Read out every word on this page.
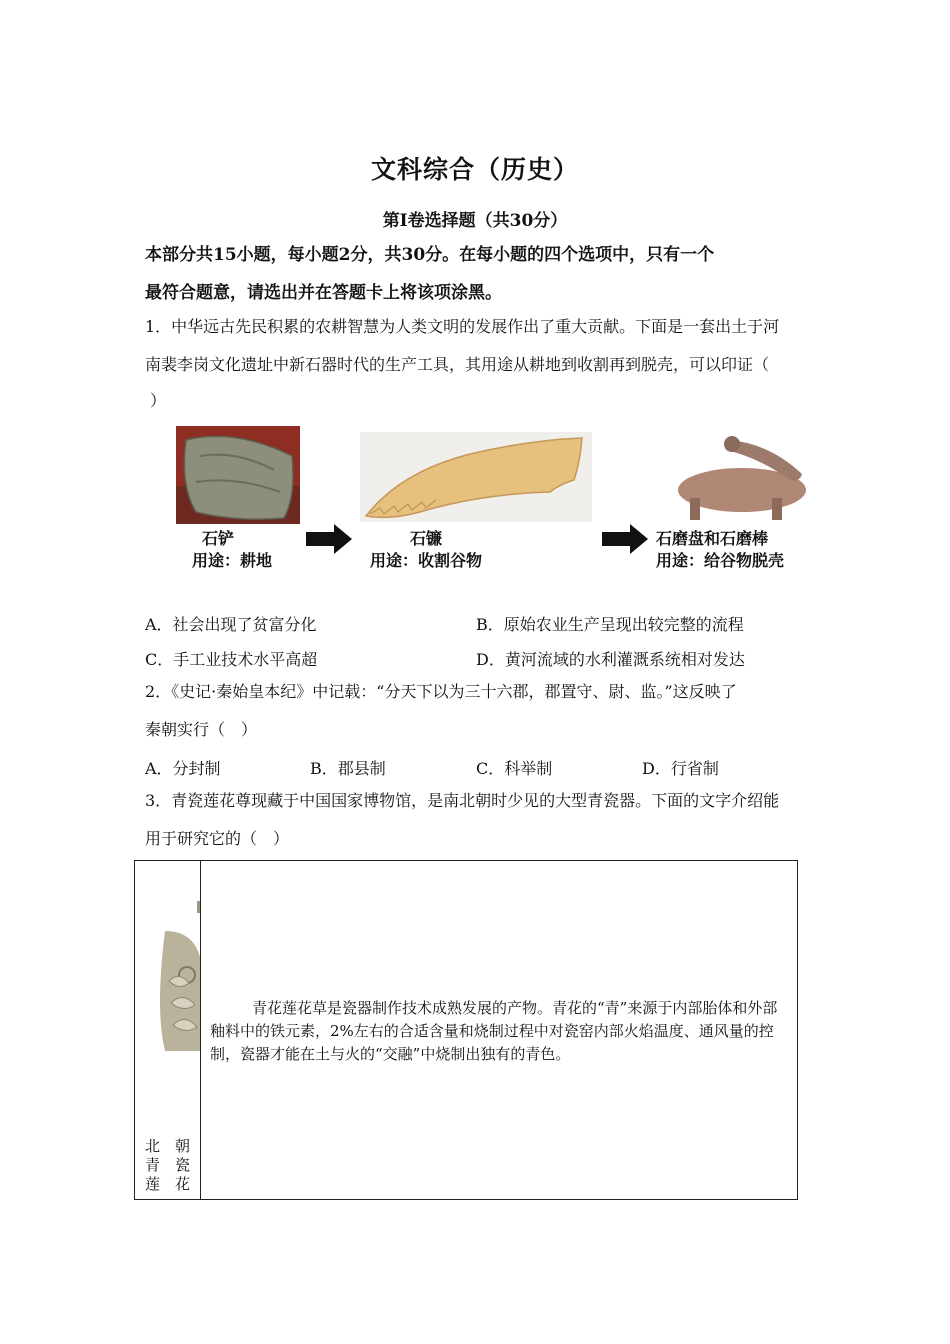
文科综合（历史）
第I卷选择题（共30分）
本部分共15小题，每小题2分，共30分。在每小题的四个选项中，只有一个
最符合题意，请选出并在答题卡上将该项涂黑。
1．中华远古先民积累的农耕智慧为人类文明的发展作出了重大贡献。下面是一套出土于河
南裴李岗文化遗址中新石器时代的生产工具，其用途从耕地到收割再到脱壳，可以印证（
）
石铲
用途：耕地
石镰
用途：收割谷物
石磨盘和石磨棒
用途：给谷物脱壳
A．社会出现了贫富分化	B．原始农业生产呈现出较完整的流程
C．手工业技术水平高超	D．黄河流域的水利灌溉系统相对发达
2．《史记·秦始皇本纪》中记载：“分天下以为三十六郡，郡置守、尉、监。”这反映了
秦朝实行（　）
A．分封制	B．郡县制	C．科举制	D．行省制
3．青瓷莲花尊现藏于中国国家博物馆，是南北朝时少见的大型青瓷器。下面的文字介绍能
用于研究它的（　）
北
青
莲
朝
瓷
花
青花莲花草是瓷器制作技术成熟发展的产物。青花的“青”来源于内部胎体和外部釉料中的铁元素，2%左右的合适含量和烧制过程中对瓷窑内部火焰温度、通风量的控制，瓷器才能在土与火的“交融”中烧制出独有的青色。
